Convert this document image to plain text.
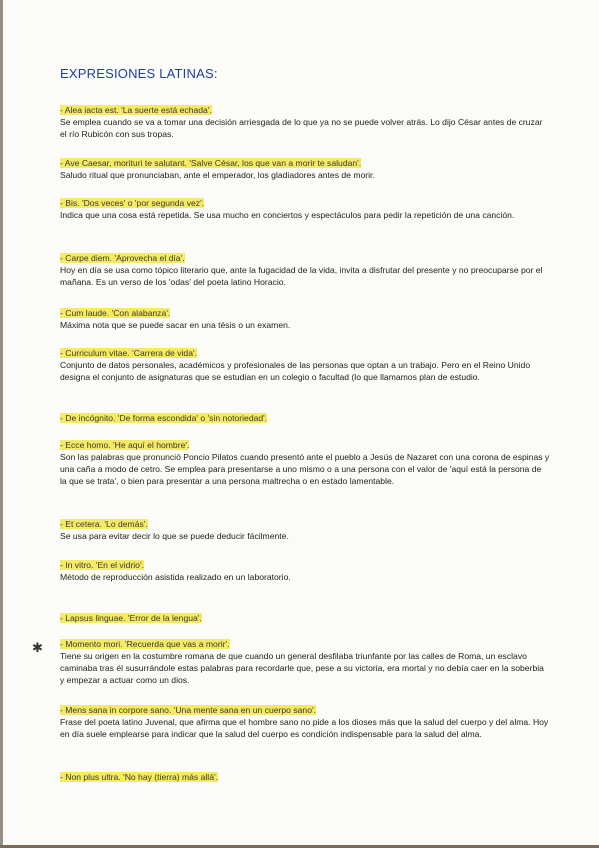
EXPRESIONES LATINAS:
- Alea iacta est. 'La suerte está echada'.
Se emplea cuando se va a tomar una decisión arriesgada de lo que ya no se puede volver atrás. Lo dijo César antes de cruzar el río Rubicón con sus tropas.
- Ave Caesar, morituri te salutant. 'Salve César, los que van a morir te saludan'.
Saludo ritual que pronunciaban, ante el emperador, los gladiadores antes de morir.
- Bis. 'Dos veces' o 'por segunda vez'.
Indica que una cosa está repetida. Se usa mucho en conciertos y espectáculos para pedir la repetición de una canción.
- Carpe diem. 'Aprovecha el día'.
Hoy en día se usa como tópico literario que, ante la fugacidad de la vida, invita a disfrutar del presente y no preocuparse por el mañana. Es un verso de los 'odas' del poeta latino Horacio.
- Cum laude. 'Con alabanza'.
Máxima nota que se puede sacar en una tésis o un examen.
- Curriculum vitae. 'Carrera de vida'.
Conjunto de datos personales, académicos y profesionales de las personas que optan a un trabajo. Pero en el Reino Unido designa el conjunto de asignaturas que se estudian en un colegio o facultad (lo que llamamos plan de estudio.
- De incógnito. 'De forma escondida' o 'sin notoriedad'.
- Ecce homo. 'He aquí el hombre'.
Son las palabras que pronunció Poncio Pilatos cuando presentó ante el pueblo a Jesús de Nazaret con una corona de espinas y una caña a modo de cetro. Se emplea para presentarse a uno mismo o a una persona con el valor de 'aquí está la persona de la que se trata', o bien para presentar a una persona maltrecha o en estado lamentable.
- Et cetera. 'Lo demás'.
Se usa para evitar decir lo que se puede deducir fácilmente.
- In vitro. 'En el vidrio'.
Método de reproducción asistida realizado en un laboratorio.
- Lapsus linguae. 'Error de la lengua'.
✱ - Momento mori. 'Recuerda que vas a morir'.
Tiene su origen en la costumbre romana de que cuando un general desfilaba triunfante por las calles de Roma, un esclavo caminaba tras él susurrándole estas palabras para recordarle que, pese a su victoria, era mortal y no debía caer en la soberbia y empezar a actuar como un dios.
- Mens sana in corpore sano. 'Una mente sana en un cuerpo sano'.
Frase del poeta latino Juvenal, que afirma que el hombre sano no pide a los dioses más que la salud del cuerpo y del alma. Hoy en día suele emplearse para indicar que la salud del cuerpo es condición indispensable para la salud del alma.
- Non plus ultra. 'No hay (tierra) más allá'.
